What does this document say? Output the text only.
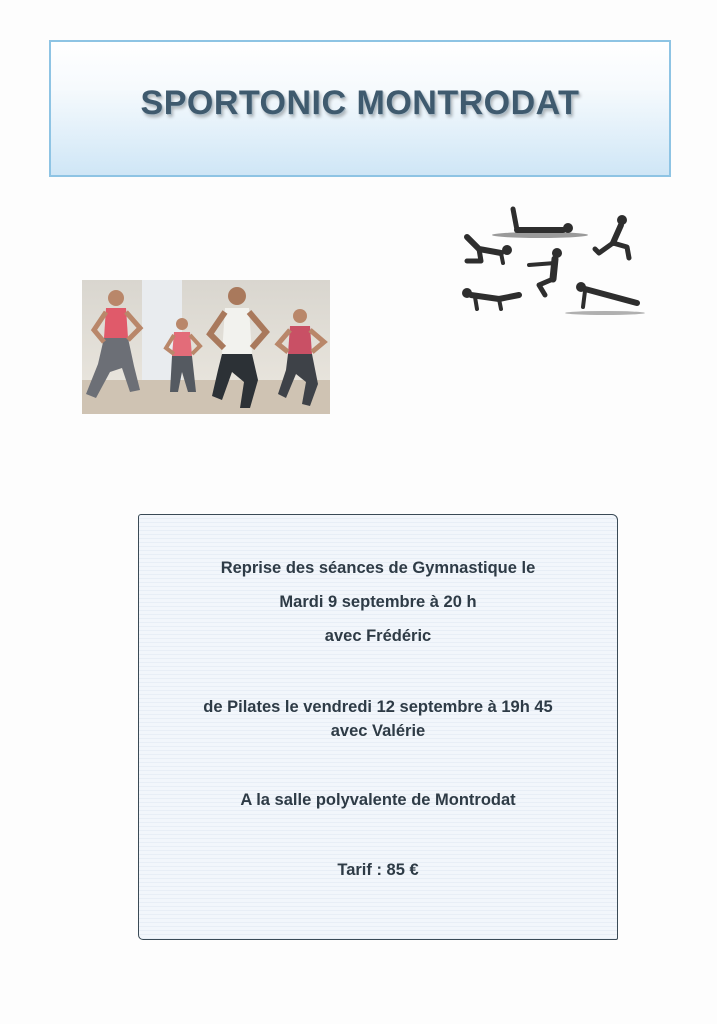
SPORTONIC MONTRODAT
Reprise des séances de Gymnastique le
Mardi 9 septembre à 20 h
avec Frédéric
de Pilates le vendredi 12 septembre à 19h 45
avec Valérie
A la salle polyvalente de Montrodat
Tarif : 85 €
